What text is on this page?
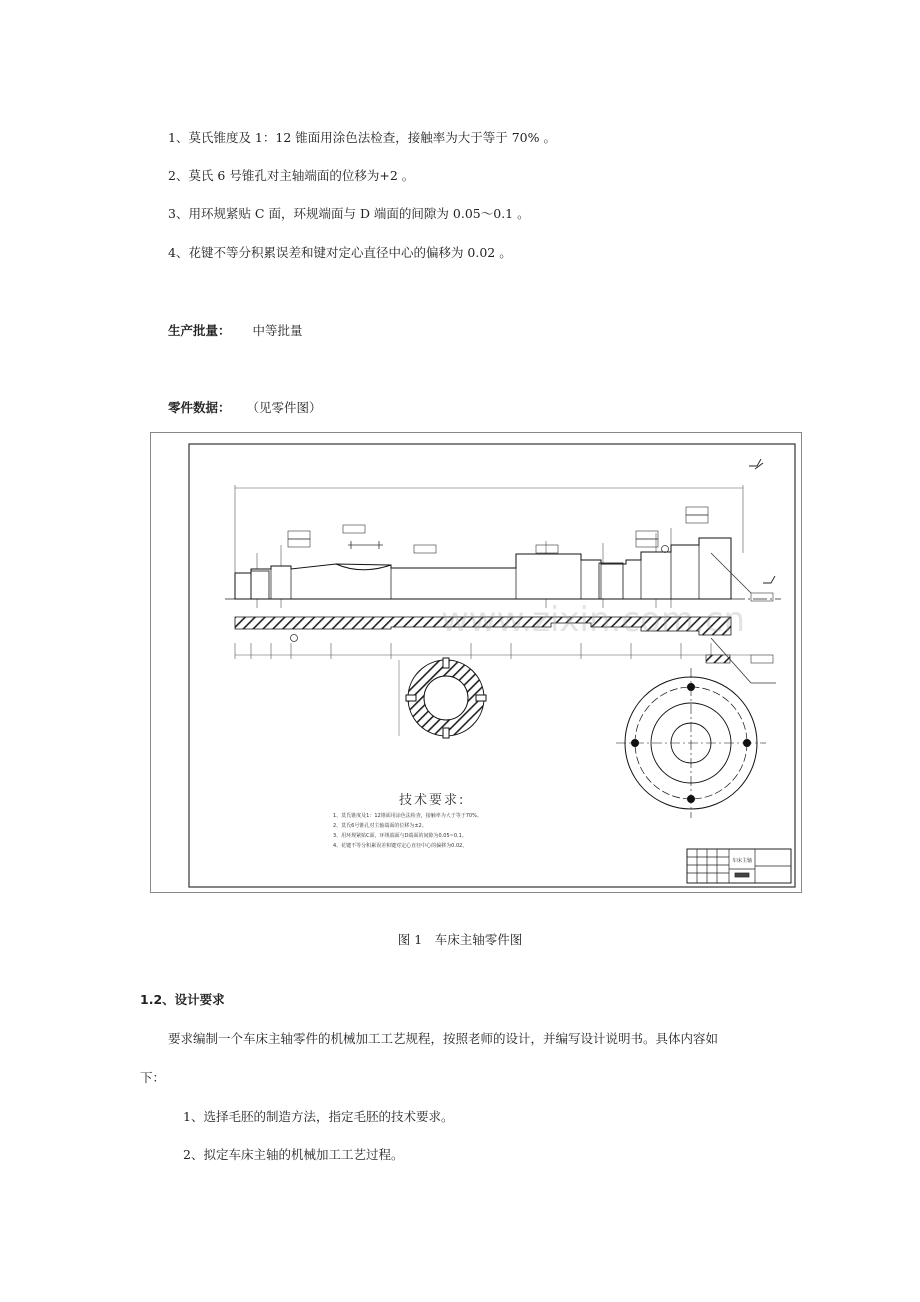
1、莫氏锥度及 1：12 锥面用涂色法检查，接触率为大于等于 70% 。
2、莫氏 6 号锥孔对主轴端面的位移为+2 。
3、用环规紧贴 C 面，环规端面与 D 端面的间隙为 0.05～0.1 。
4、花键不等分积累误差和键对定心直径中心的偏移为 0.02 。
生产批量： 中等批量
零件数据： （见零件图）
www.zixin.com.cn
技术要求:
1、莫氏锥度及1：12锥面用涂色法检查，接触率为大于等于70%。
2、莫氏6号锥孔对主轴端面的位移为±2。
3、用环规紧贴C面，环规端面与D端面的间隙为0.05~0.1。
4、花键不等分积累误差和键对定心直径中心的偏移为0.02。
车床主轴
图 1　车床主轴零件图
1.2、设计要求
要求编制一个车床主轴零件的机械加工工艺规程，按照老师的设计，并编写设计说明书。具体内容如
下：
1、选择毛胚的制造方法，指定毛胚的技术要求。
2、拟定车床主轴的机械加工工艺过程。
